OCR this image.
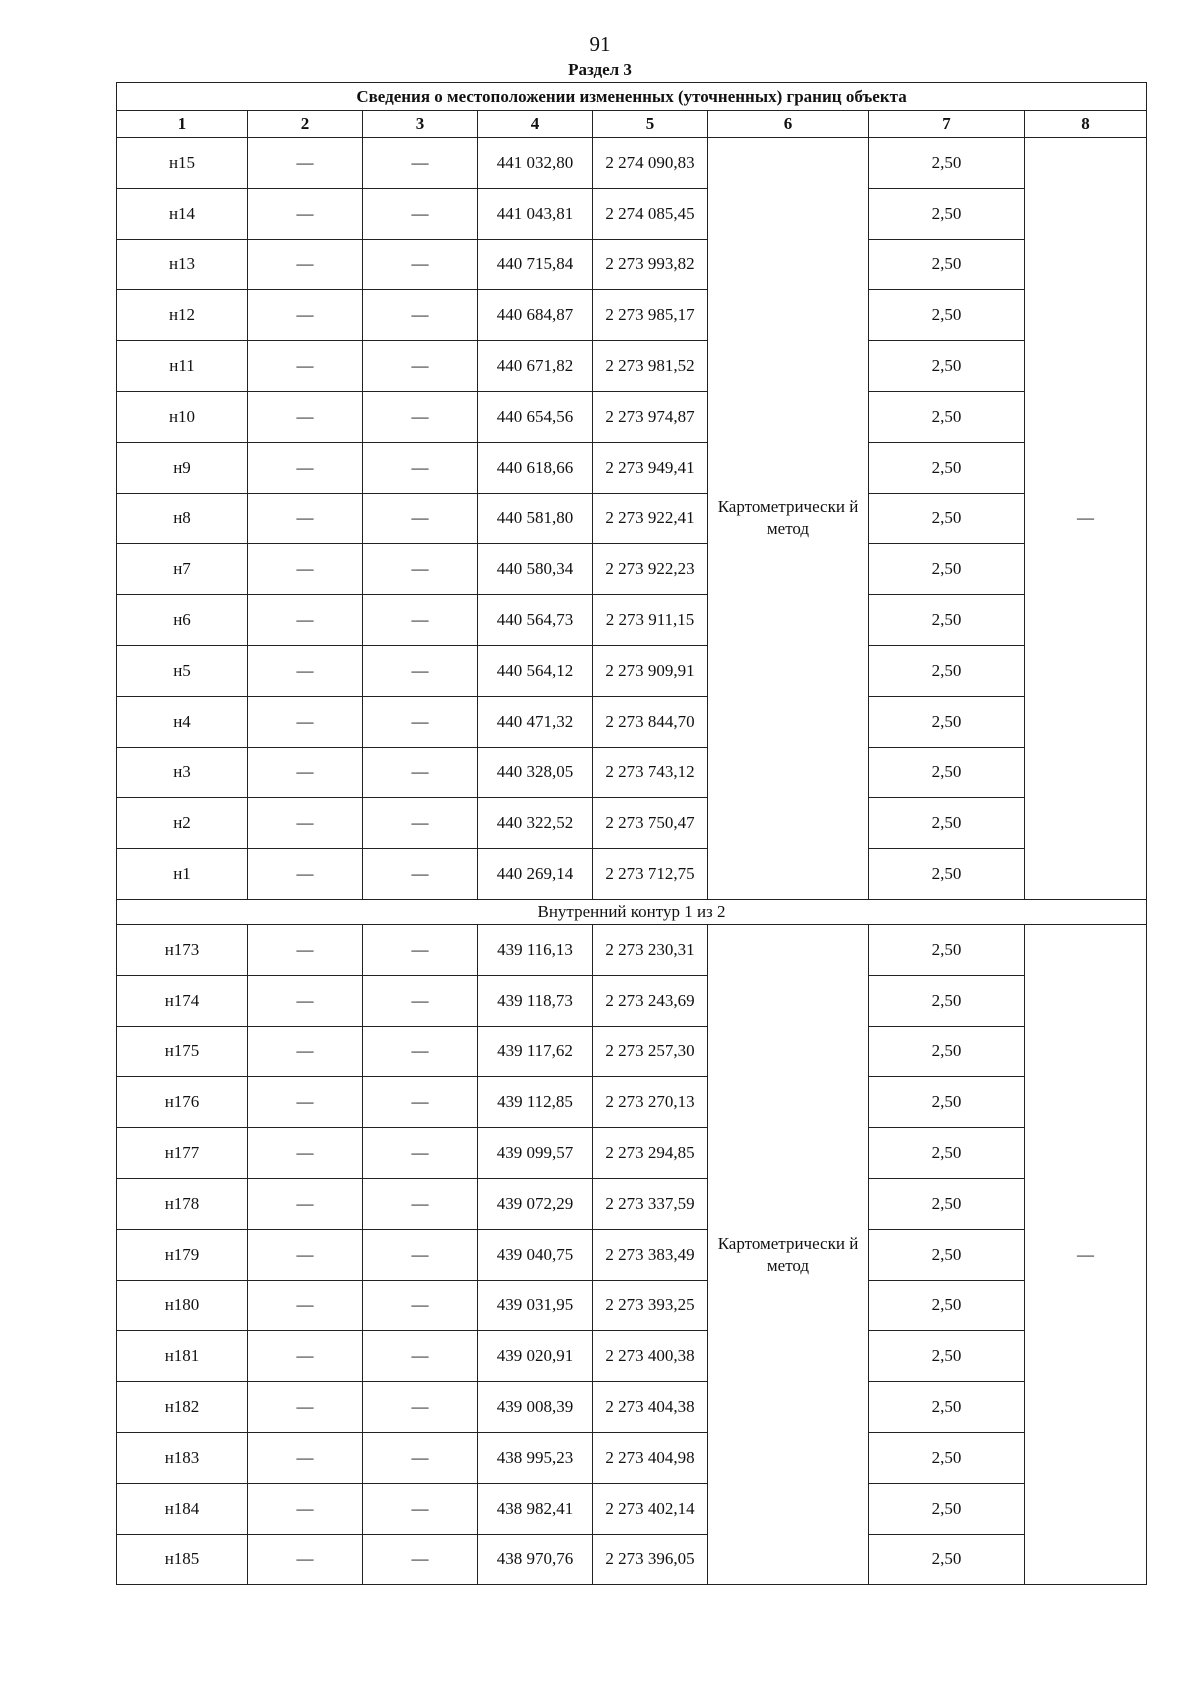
91
Раздел 3
Сведения о местоположении измененных (уточненных) границ объекта							
1	2	3	4	5	6	7	8
н15	—	—	441 032,80	2 274 090,83	Картометрически й метод	2,50	—
н14	—	—	441 043,81	2 274 085,45		2,50	
н13	—	—	440 715,84	2 273 993,82		2,50	
н12	—	—	440 684,87	2 273 985,17		2,50	
н11	—	—	440 671,82	2 273 981,52		2,50	
н10	—	—	440 654,56	2 273 974,87		2,50	
н9	—	—	440 618,66	2 273 949,41		2,50	
н8	—	—	440 581,80	2 273 922,41		2,50	
н7	—	—	440 580,34	2 273 922,23		2,50	
н6	—	—	440 564,73	2 273 911,15		2,50	
н5	—	—	440 564,12	2 273 909,91		2,50	
н4	—	—	440 471,32	2 273 844,70		2,50	
н3	—	—	440 328,05	2 273 743,12		2,50	
н2	—	—	440 322,52	2 273 750,47		2,50	
н1	—	—	440 269,14	2 273 712,75		2,50	
Внутренний контур 1 из 2							
н173	—	—	439 116,13	2 273 230,31	Картометрически й метод	2,50	—
н174	—	—	439 118,73	2 273 243,69		2,50	
н175	—	—	439 117,62	2 273 257,30		2,50	
н176	—	—	439 112,85	2 273 270,13		2,50	
н177	—	—	439 099,57	2 273 294,85		2,50	
н178	—	—	439 072,29	2 273 337,59		2,50	
н179	—	—	439 040,75	2 273 383,49		2,50	
н180	—	—	439 031,95	2 273 393,25		2,50	
н181	—	—	439 020,91	2 273 400,38		2,50	
н182	—	—	439 008,39	2 273 404,38		2,50	
н183	—	—	438 995,23	2 273 404,98		2,50	
н184	—	—	438 982,41	2 273 402,14		2,50	
н185	—	—	438 970,76	2 273 396,05		2,50	
